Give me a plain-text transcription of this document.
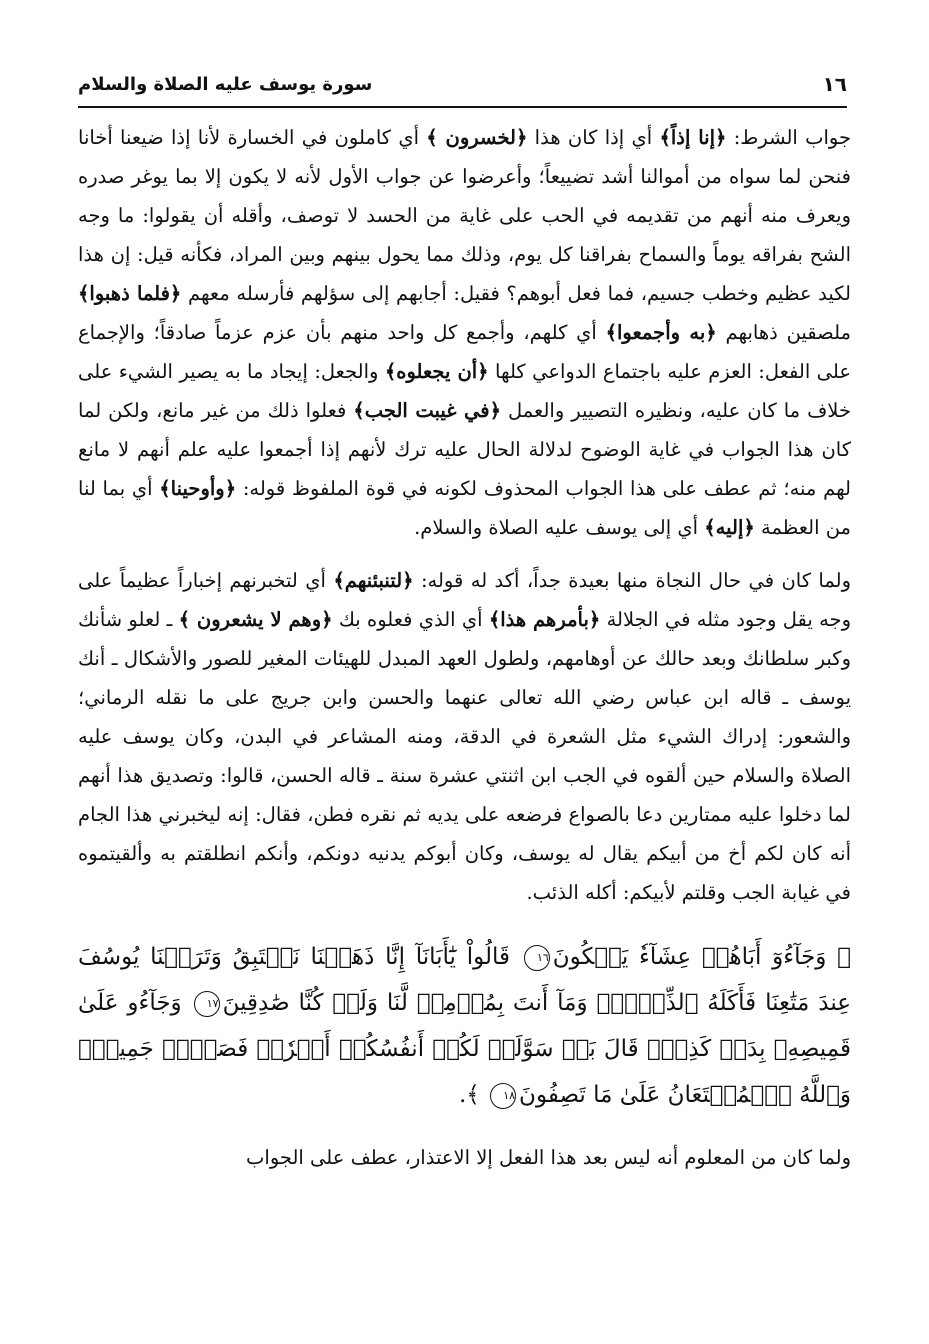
١٦
سورة يوسف عليه الصلاة والسلام

جواب الشرط: ﴿إنا إذاً﴾ أي إذا كان هذا ﴿لخسرون ﴾ أي كاملون في الخسارة لأنا إذا ضيعنا أخانا فنحن لما سواه من أموالنا أشد تضييعاً؛ وأعرضوا عن جواب الأول لأنه لا يكون إلا بما يوغر صدره ويعرف منه أنهم من تقديمه في الحب على غاية من الحسد لا توصف، وأقله أن يقولوا: ما وجه الشح بفراقه يوماً والسماح بفراقنا كل يوم، وذلك مما يحول بينهم وبين المراد، فكأنه قيل: إن هذا لكيد عظيم وخطب جسيم، فما فعل أبوهم؟ فقيل: أجابهم إلى سؤلهم فأرسله معهم ﴿فلما ذهبوا﴾ ملصقين ذهابهم ﴿به وأجمعوا﴾ أي كلهم، وأجمع كل واحد منهم بأن عزم عزماً صادقاً؛ والإجماع على الفعل: العزم عليه باجتماع الدواعي كلها ﴿أن يجعلوه﴾ والجعل: إيجاد ما به يصير الشيء على خلاف ما كان عليه، ونظيره التصيير والعمل ﴿في غيبت الجب﴾ فعلوا ذلك من غير مانع، ولكن لما كان هذا الجواب في غاية الوضوح لدلالة الحال عليه ترك لأنهم إذا أجمعوا عليه علم أنهم لا مانع لهم منه؛ ثم عطف على هذا الجواب المحذوف لكونه في قوة الملفوظ قوله: ﴿وأوحينا﴾ أي بما لنا من العظمة ﴿إليه﴾ أي إلى يوسف عليه الصلاة والسلام.

ولما كان في حال النجاة منها بعيدة جداً، أكد له قوله: ﴿لتنبئنهم﴾ أي لتخبرنهم إخباراً عظيماً على وجه يقل وجود مثله في الجلالة ﴿بأمرهم هذا﴾ أي الذي فعلوه بك ﴿وهم لا يشعرون ﴾ ـ لعلو شأنك وكبر سلطانك وبعد حالك عن أوهامهم، ولطول العهد المبدل للهيئات المغير للصور والأشكال ـ أنك يوسف ـ قاله ابن عباس رضي الله تعالى عنهما والحسن وابن جريج على ما نقله الرماني؛ والشعور: إدراك الشيء مثل الشعرة في الدقة، ومنه المشاعر في البدن، وكان يوسف عليه الصلاة والسلام حين ألقوه في الجب ابن اثنتي عشرة سنة ـ قاله الحسن، قالوا: وتصديق هذا أنهم لما دخلوا عليه ممتارين دعا بالصواع فرضعه على يديه ثم نقره فطن، فقال: إنه ليخبرني هذا الجام أنه كان لكم أخ من أبيكم يقال له يوسف، وكان أبوكم يدنيه دونكم، وأنكم انطلقتم به وألقيتموه في غيابة الجب وقلتم لأبيكم: أكله الذئب.

﴿ وَجَآءُوٓ أَبَاهُمۡ عِشَآءٗ يَبۡكُونَ١٦ قَالُواْ يَٰٓأَبَانَآ إِنَّا ذَهَبۡنَا نَسۡتَبِقُ وَتَرَكۡنَا يُوسُفَ عِندَ مَتَٰعِنَا فَأَكَلَهُ ٱلذِّئۡبُۖ وَمَآ أَنتَ بِمُؤۡمِنٖ لَّنَا وَلَوۡ كُنَّا صَٰدِقِينَ١٧ وَجَآءُو عَلَىٰ قَمِيصِهِۦ بِدَمٖ كَذِبٖۚ قَالَ بَلۡ سَوَّلَتۡ لَكُمۡ أَنفُسُكُمۡ أَمۡرٗاۖ فَصَبۡرٞ جَمِيلٞۖ وَٱللَّهُ ٱلۡمُسۡتَعَانُ عَلَىٰ مَا تَصِفُونَ١٨ ﴾.

ولما كان من المعلوم أنه ليس بعد هذا الفعل إلا الاعتذار، عطف على الجواب
